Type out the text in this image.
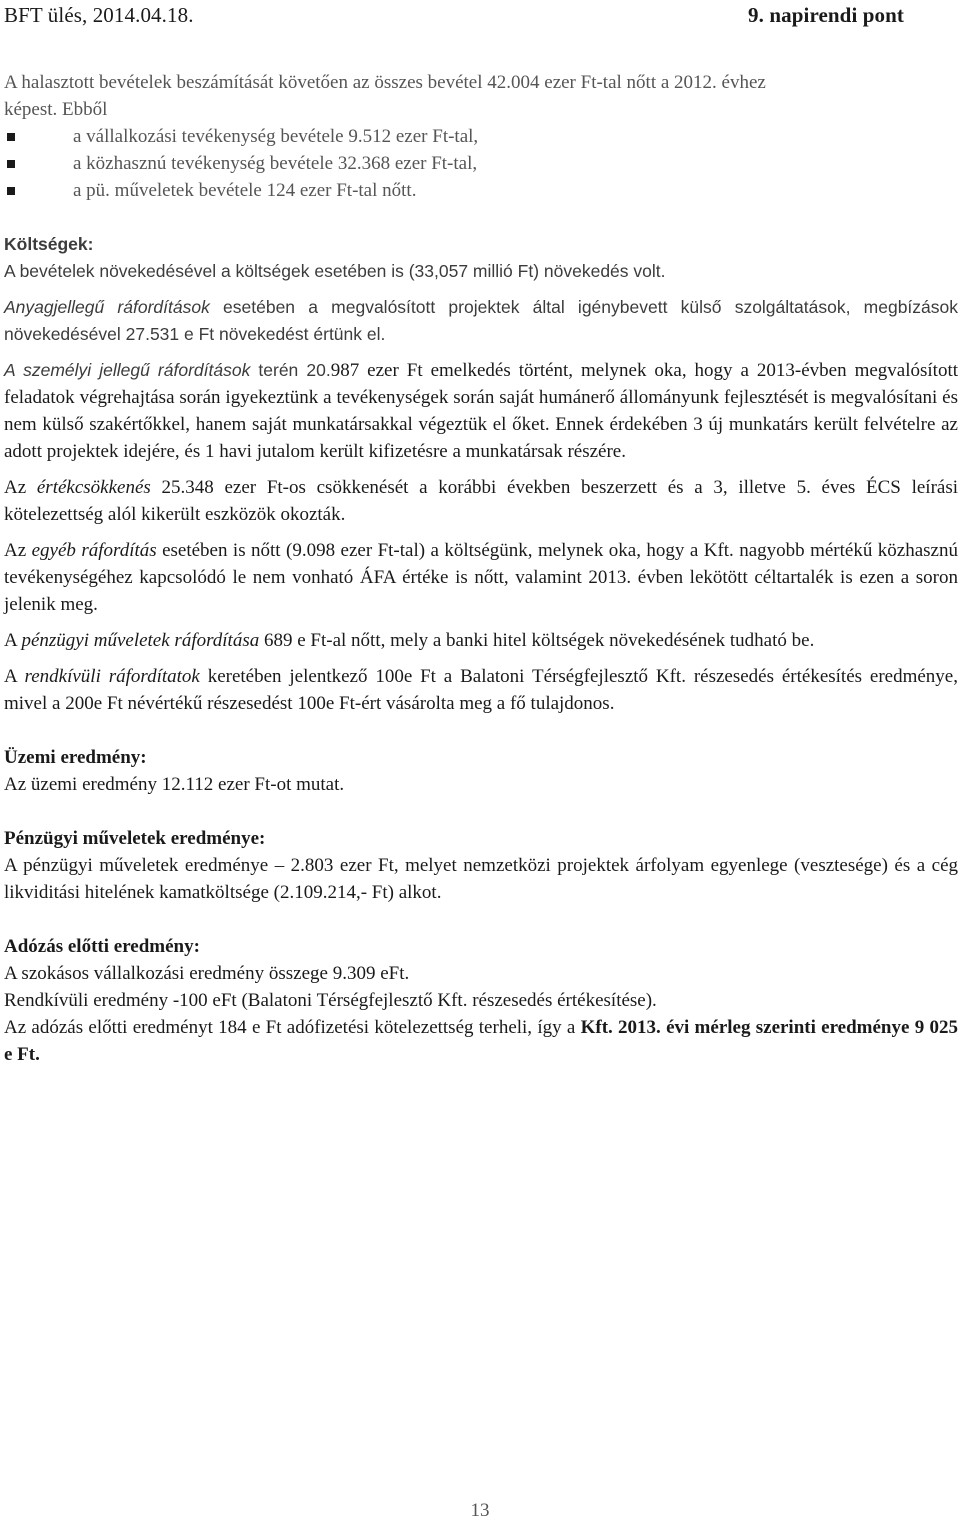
BFT ülés, 2014.04.18.	9. napirendi pont

A halasztott bevételek beszámítását követően az összes bevétel 42.004 ezer Ft-tal nőtt a 2012. évhez

képest. Ebből

a vállalkozási tevékenység bevétele 9.512 ezer Ft-tal,
a közhasznú tevékenység bevétele 32.368 ezer Ft-tal,
a pü. műveletek bevétele 124 ezer Ft-tal nőtt.

Költségek:

A bevételek növekedésével a költségek esetében is (33,057 millió Ft) növekedés volt.

Anyagjellegű ráfordítások esetében a megvalósított projektek által igénybevett külső szolgáltatások, megbízások növekedésével 27.531 e Ft növekedést értünk el.

A személyi jellegű ráfordítások terén 20.987 ezer Ft emelkedés történt, melynek oka, hogy a 2013-évben megvalósított feladatok végrehajtása során igyekeztünk a tevékenységek során saját humánerő állományunk fejlesztését is megvalósítani és nem külső szakértőkkel, hanem saját munkatársakkal végeztük el őket. Ennek érdekében 3 új munkatárs került felvételre az adott projektek idejére, és 1 havi jutalom került kifizetésre a munkatársak részére.

Az értékcsökkenés 25.348 ezer Ft-os csökkenését a korábbi években beszerzett és a 3, illetve 5. éves ÉCS leírási kötelezettség alól kikerült eszközök okozták.

Az egyéb ráfordítás esetében is nőtt (9.098 ezer Ft-tal) a költségünk, melynek oka, hogy a Kft. nagyobb mértékű közhasznú tevékenységéhez kapcsolódó le nem vonható ÁFA értéke is nőtt, valamint 2013. évben lekötött céltartalék is ezen a soron jelenik meg.

A pénzügyi műveletek ráfordítása 689 e Ft-al nőtt, mely a banki hitel költségek növekedésének tudható be.

A rendkívüli ráfordítatok keretében jelentkező 100e Ft a Balatoni Térségfejlesztő Kft. részesedés értékesítés eredménye, mivel a 200e Ft névértékű részesedést 100e Ft-ért vásárolta meg a fő tulajdonos.

Üzemi eredmény:

Az üzemi eredmény 12.112 ezer Ft-ot mutat.

Pénzügyi műveletek eredménye:

A pénzügyi műveletek eredménye – 2.803 ezer Ft, melyet nemzetközi projektek árfolyam egyenlege (vesztesége) és a cég likviditási hitelének kamatköltsége (2.109.214,- Ft) alkot.

Adózás előtti eredmény:

A szokásos vállalkozási eredmény összege 9.309 eFt.

Rendkívüli eredmény -100 eFt (Balatoni Térségfejlesztő Kft. részesedés értékesítése).

Az adózás előtti eredményt 184 e Ft adófizetési kötelezettség terheli, így a Kft. 2013. évi mérleg szerinti eredménye 9 025 e Ft.

13
